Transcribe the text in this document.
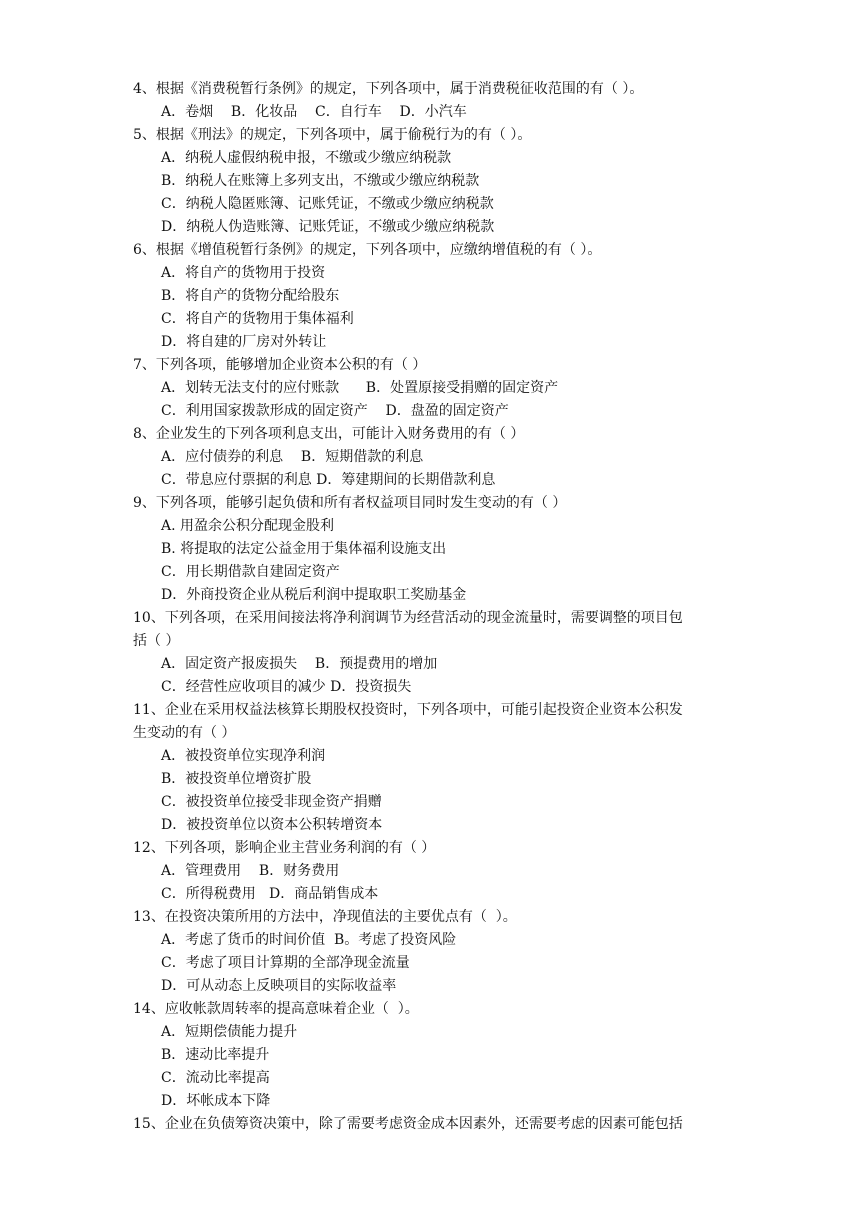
4、根据《消费税暂行条例》的规定，下列各项中，属于消费税征收范围的有（ ）。
A．卷烟    B．化妆品    C．自行车    D．小汽车
5、根据《刑法》的规定，下列各项中，属于偷税行为的有（ ）。
A．纳税人虚假纳税申报，不缴或少缴应纳税款
B．纳税人在账簿上多列支出，不缴或少缴应纳税款
C．纳税人隐匿账簿、记账凭证，不缴或少缴应纳税款
D．纳税人伪造账簿、记账凭证，不缴或少缴应纳税款
6、根据《增值税暂行条例》的规定，下列各项中，应缴纳增值税的有（ ）。
A．将自产的货物用于投资
B．将自产的货物分配给股东
C．将自产的货物用于集体福利
D．将自建的厂房对外转让
7、下列各项，能够增加企业资本公积的有（ ）
A．划转无法支付的应付账款      B．处置原接受捐赠的固定资产
C．利用国家拨款形成的固定资产    D．盘盈的固定资产
8、企业发生的下列各项利息支出，可能计入财务费用的有（ ）
A．应付债券的利息    B．短期借款的利息
C．带息应付票据的利息 D．筹建期间的长期借款利息
9、下列各项，能够引起负债和所有者权益项目同时发生变动的有（ ）
A. 用盈余公积分配现金股利
B. 将提取的法定公益金用于集体福利设施支出
C．用长期借款自建固定资产
D．外商投资企业从税后利润中提取职工奖励基金
10、下列各项，在采用间接法将净利润调节为经营活动的现金流量时，需要调整的项目包
括（ ）
A．固定资产报废损失    B．预提费用的增加
C．经营性应收项目的减少 D．投资损失
11、企业在采用权益法核算长期股权投资时，下列各项中，可能引起投资企业资本公积发
生变动的有（ ）
A．被投资单位实现净利润
B．被投资单位增资扩股
C．被投资单位接受非现金资产捐赠
D．被投资单位以资本公积转增资本
12、下列各项，影响企业主营业务利润的有（ ）
A．管理费用    B．财务费用
C．所得税费用   D．商品销售成本
13、在投资决策所用的方法中，净现值法的主要优点有（  ）。
A．考虑了货币的时间价值  B。考虑了投资风险
C．考虑了项目计算期的全部净现金流量
D．可从动态上反映项目的实际收益率
14、应收帐款周转率的提高意味着企业（  ）。
A．短期偿债能力提升
B．速动比率提升
C．流动比率提高
D．坏帐成本下降
15、企业在负债筹资决策中，除了需要考虑资金成本因素外，还需要考虑的因素可能包括
